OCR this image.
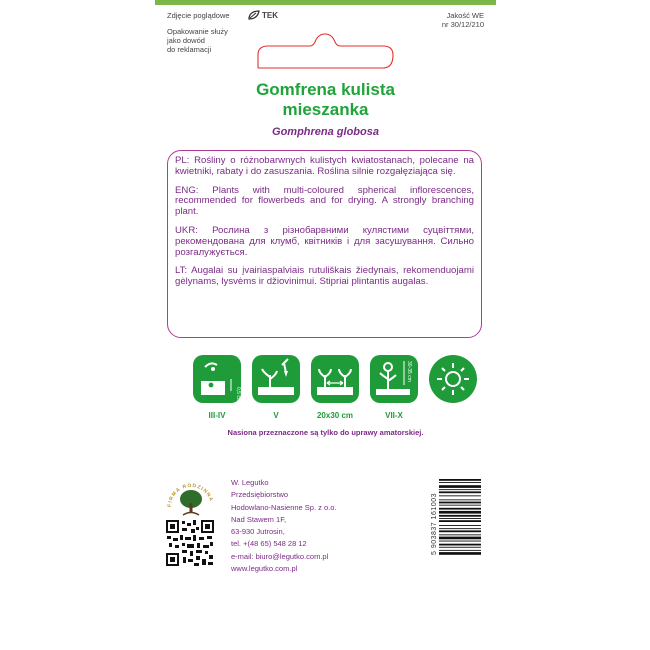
Zdjęcie poglądowe	TEK
Opakowanie służy
jako dowód
do reklamacji
Jakość WE
nr 30/12/210
Gomfrena kulista
mieszanka
Gomphrena globosa

PL: Rośliny o różnobarwnych kulistych kwiatostanach, polecane na kwietniki, rabaty i do zasuszania. Roślina silnie rozgałęziająca się.

ENG: Plants with multi-coloured spherical inflorescences, recommended for flowerbeds and for drying. A strongly branching plant.

UKR: Рослина з різнобарвними кулястими суцвіттями, рекомендована для клумб, квітників і для засушування. Сильно розгалужується.

LT: Augalai su įvairiaspalviais rutuliškais žiedynais, rekomenduojami gėlynams, lysvėms ir džiovinimui. Stipriai plintantis augalas.

0,5 cm
30-35 cm
III-IV	V	20x30 cm	VII-X
Nasiona przeznaczone są tylko do uprawy amatorskiej.
FIRMA RODZINNA
W. Legutko
Przedsiębiorstwo
Hodowlano-Nasienne Sp. z o.o.
Nad Stawem 1F,
63-930 Jutrosin,
tel. +(48 65) 548 28 12
e-mail: biuro@legutko.com.pl
www.legutko.com.pl
5 903837 161003
